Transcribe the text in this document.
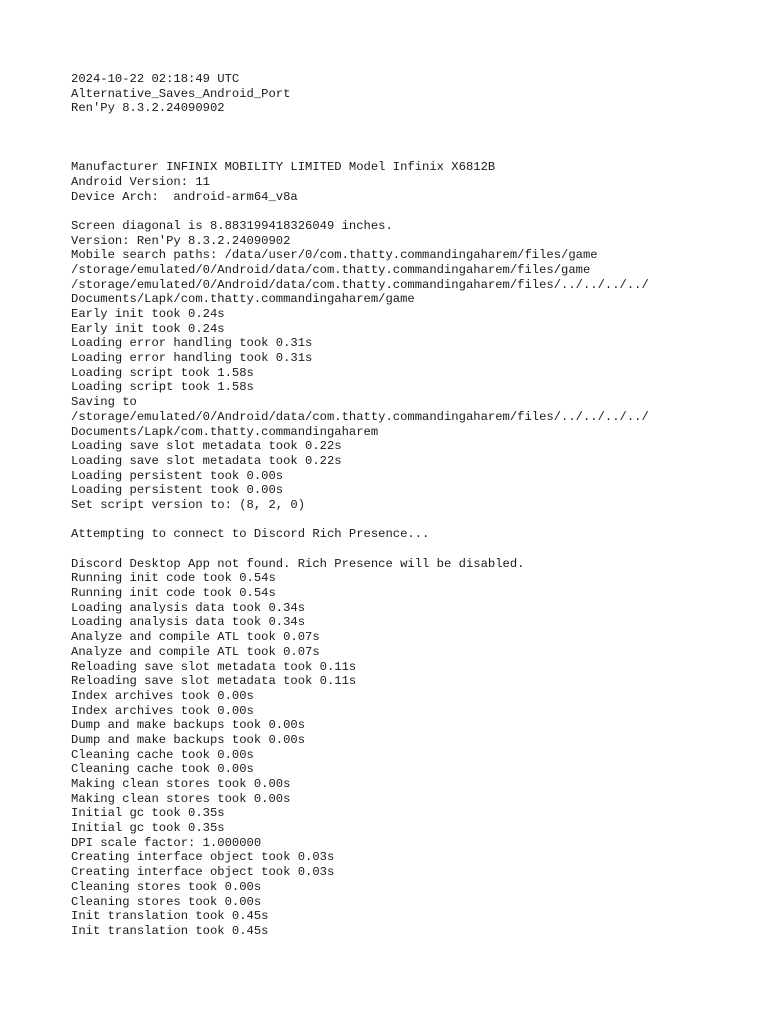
2024-10-22 02:18:49 UTC
Alternative_Saves_Android_Port
Ren'Py 8.3.2.24090902
Manufacturer INFINIX MOBILITY LIMITED Model Infinix X6812B
Android Version: 11
Device Arch:  android-arm64_v8a
Screen diagonal is 8.883199418326049 inches.
Version: Ren'Py 8.3.2.24090902
Mobile search paths: /data/user/0/com.thatty.commandingaharem/files/game
/storage/emulated/0/Android/data/com.thatty.commandingaharem/files/game
/storage/emulated/0/Android/data/com.thatty.commandingaharem/files/../../../../
Documents/Lapk/com.thatty.commandingaharem/game
Early init took 0.24s
Early init took 0.24s
Loading error handling took 0.31s
Loading error handling took 0.31s
Loading script took 1.58s
Loading script took 1.58s
Saving to
/storage/emulated/0/Android/data/com.thatty.commandingaharem/files/../../../../
Documents/Lapk/com.thatty.commandingaharem
Loading save slot metadata took 0.22s
Loading save slot metadata took 0.22s
Loading persistent took 0.00s
Loading persistent took 0.00s
Set script version to: (8, 2, 0)
Attempting to connect to Discord Rich Presence...
Discord Desktop App not found. Rich Presence will be disabled.
Running init code took 0.54s
Running init code took 0.54s
Loading analysis data took 0.34s
Loading analysis data took 0.34s
Analyze and compile ATL took 0.07s
Analyze and compile ATL took 0.07s
Reloading save slot metadata took 0.11s
Reloading save slot metadata took 0.11s
Index archives took 0.00s
Index archives took 0.00s
Dump and make backups took 0.00s
Dump and make backups took 0.00s
Cleaning cache took 0.00s
Cleaning cache took 0.00s
Making clean stores took 0.00s
Making clean stores took 0.00s
Initial gc took 0.35s
Initial gc took 0.35s
DPI scale factor: 1.000000
Creating interface object took 0.03s
Creating interface object took 0.03s
Cleaning stores took 0.00s
Cleaning stores took 0.00s
Init translation took 0.45s
Init translation took 0.45s
